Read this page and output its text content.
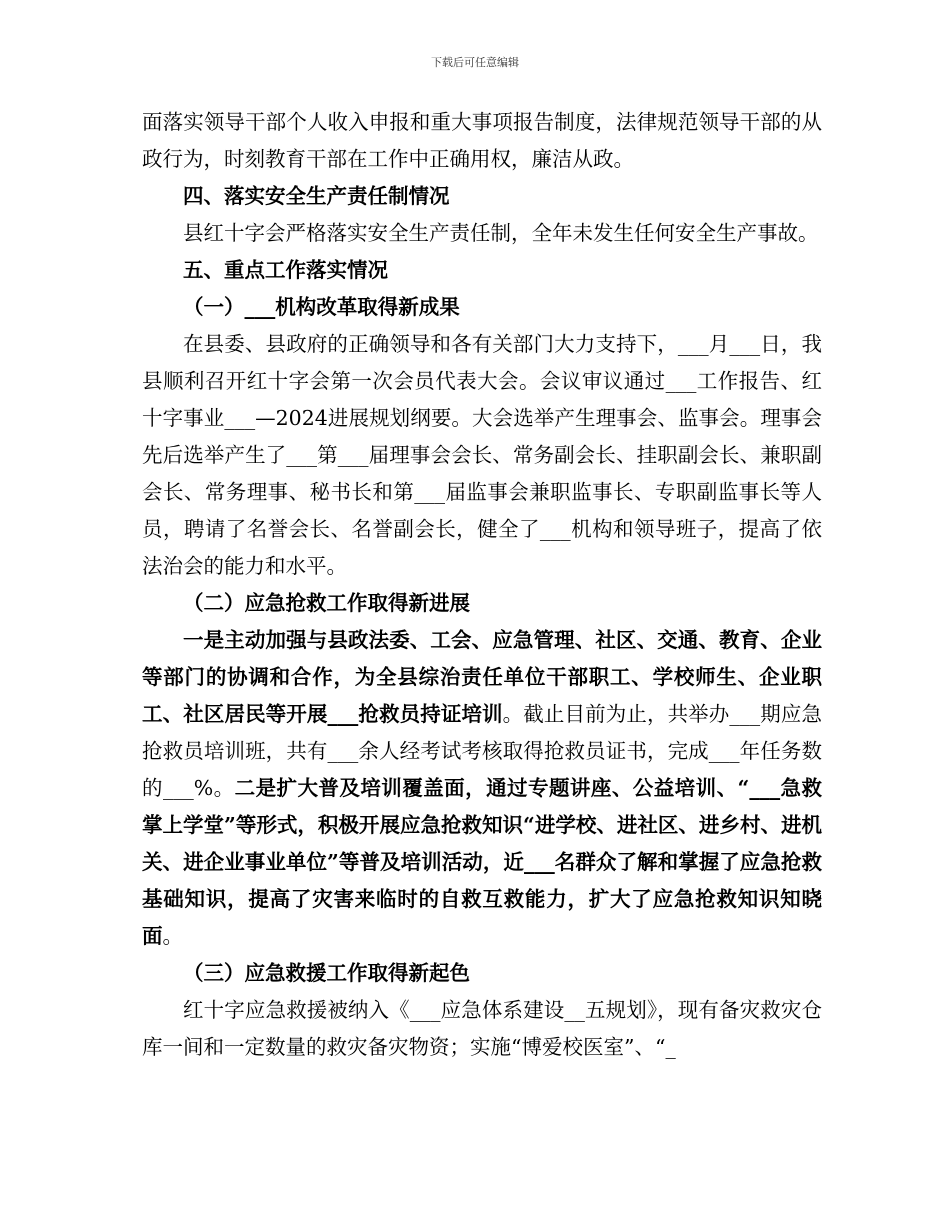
下载后可任意编辑

面落实领导干部个人收入申报和重大事项报告制度，法律规范领导干部的从政行为，时刻教育干部在工作中正确用权，廉洁从政。

四、落实安全生产责任制情况

县红十字会严格落实安全生产责任制，全年未发生任何安全生产事故。

五、重点工作落实情况

（一）___机构改革取得新成果

在县委、县政府的正确领导和各有关部门大力支持下，___月___日，我县顺利召开红十字会第一次会员代表大会。会议审议通过___工作报告、红十字事业___—2024进展规划纲要。大会选举产生理事会、监事会。理事会先后选举产生了___第___届理事会会长、常务副会长、挂职副会长、兼职副会长、常务理事、秘书长和第___届监事会兼职监事长、专职副监事长等人员，聘请了名誉会长、名誉副会长，健全了___机构和领导班子，提高了依法治会的能力和水平。

（二）应急抢救工作取得新进展

一是主动加强与县政法委、工会、应急管理、社区、交通、教育、企业等部门的协调和合作，为全县综治责任单位干部职工、学校师生、企业职工、社区居民等开展___抢救员持证培训。截止目前为止，共举办___期应急抢救员培训班，共有___余人经考试考核取得抢救员证书，完成___年任务数的___%。二是扩大普及培训覆盖面，通过专题讲座、公益培训、“___急救掌上学堂”等形式，积极开展应急抢救知识“进学校、进社区、进乡村、进机关、进企业事业单位”等普及培训活动，近___名群众了解和掌握了应急抢救基础知识，提高了灾害来临时的自救互救能力，扩大了应急抢救知识知晓面。

（三）应急救援工作取得新起色

红十字应急救援被纳入《___应急体系建设__五规划》，现有备灾救灾仓库一间和一定数量的救灾备灾物资；实施“博爱校医室”、“_
